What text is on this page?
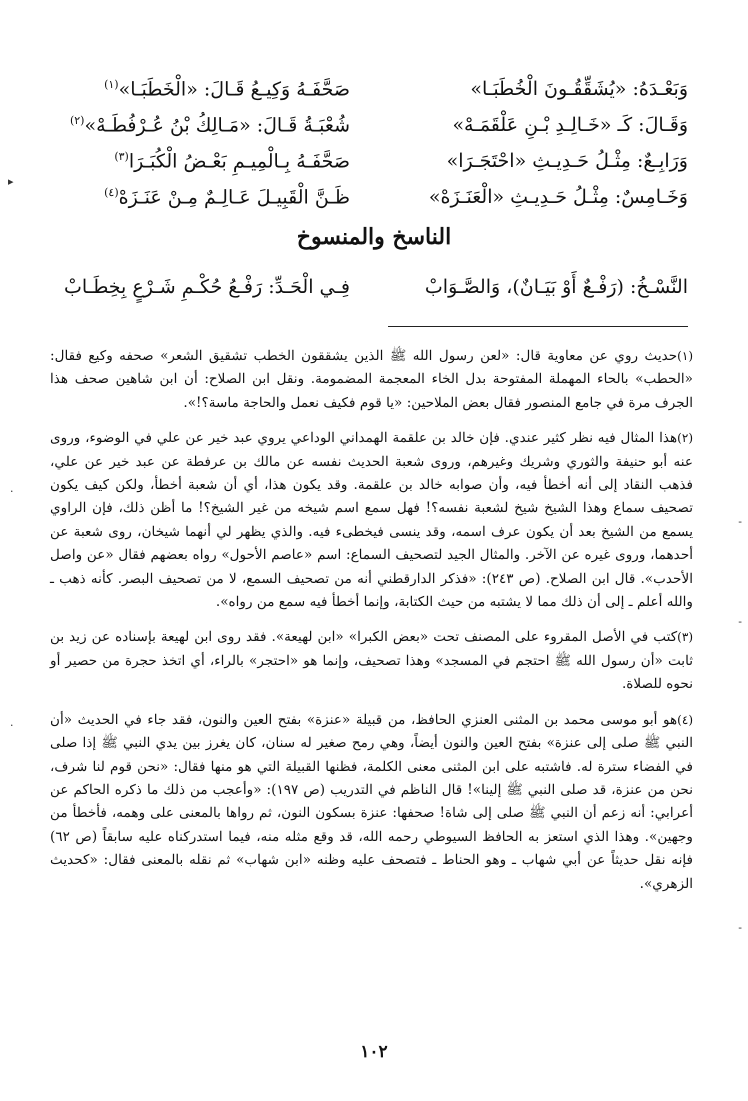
وَبَعْـدَهُ: «يُشَقِّقُـونَ الْخُطَبَـا»
صَحَّفَـهُ وَكِيـعُ قَـالَ: «الْخَطَبَـا»$^{(١)}$
وَقَـالَ: كَـ «خَـالِـدِ بْـنِ عَلْقَمَـهْ»
شُعْبَـةُ قَـالَ: «مَـالِكُ بْنُ عُـرْفُطَـهْ»$^{(٢)}$
وَرَابِـعٌ: مِثْـلُ حَـدِيـثِ «احْتَجَـرَا»
صَحَّفَـهُ بِـالْمِيـمِ بَعْـضُ الْكُبَـرَا$^{(٣)}$
وَخَـامِسٌ: مِثْـلُ حَـدِيـثِ «الْعَنَـزَهْ»
ظَـنَّ الْقَبِيـلَ عَـالِـمٌ مِـنْ عَنَـزَهْ$^{(٤)}$
الناسخ والمنسوخ
النَّسْـخُ: (رَفْـعٌ أَوْ بَيَـانٌ)، وَالصَّـوَابْ
فِـي الْحَـدِّ: رَفْـعُ حُكْـمِ شَـرْعٍ بِخِطَـابْ

(١)حديث روي عن معاوية قال: «لعن رسول الله ﷺ الذين يشققون الخطب تشقيق الشعر» صحفه وكيع فقال: «الحطب» بالحاء المهملة المفتوحة بدل الخاء المعجمة المضمومة. ونقل ابن الصلاح: أن ابن شاهين صحف هذا الجرف مرة في جامع المنصور فقال بعض الملاحين: «يا قوم فكيف نعمل والحاجة ماسة؟!».

(٢)هذا المثال فيه نظر كثير عندي. فإن خالد بن علقمة الهمداني الوداعي يروي عبد خير عن علي في الوضوء، وروى عنه أبو حنيفة والثوري وشريك وغيرهم، وروى شعبة الحديث نفسه عن مالك بن عرفطة عن عبد خير عن علي، فذهب النقاد إلى أنه أخطأ فيه، وأن صوابه خالد بن علقمة. وقد يكون هذا، أي أن شعبة أخطأ، ولكن كيف يكون تصحيف سماع وهذا الشيخ شيخ لشعبة نفسه؟! فهل سمع اسم شيخه من غير الشيخ؟! ما أظن ذلك، فإن الراوي يسمع من الشيخ بعد أن يكون عرف اسمه، وقد ينسى فيخطىء فيه. والذي يظهر لي أنهما شيخان، روى شعبة عن أحدهما، وروى غيره عن الآخر. والمثال الجيد لتصحيف السماع: اسم «عاصم الأحول» رواه بعضهم فقال «عن واصل الأحدب». قال ابن الصلاح. (ص ٢٤٣): «فذكر الدارقطني أنه من تصحيف السمع، لا من تصحيف البصر. كأنه ذهب ـ والله أعلم ـ إلى أن ذلك مما لا يشتبه من حيث الكتابة، وإنما أخطأ فيه سمع من رواه».

(٣)كتب في الأصل المقروء على المصنف تحت «بعض الكبرا» «ابن لهيعة». فقد روى ابن لهيعة بإسناده عن زيد بن ثابت «أن رسول الله ﷺ احتجم في المسجد» وهذا تصحيف، وإنما هو «احتجر» بالراء، أي اتخذ حجرة من حصير أو نحوه للصلاة.

(٤)هو أبو موسى محمد بن المثنى العنزي الحافظ، من قبيلة «عنزة» بفتح العين والنون، فقد جاء في الحديث «أن النبي ﷺ صلى إلى عنزة» بفتح العين والنون أيضاً، وهي رمح صغير له سنان، كان يغرز بين يدي النبي ﷺ إذا صلى في الفضاء سترة له. فاشتبه على ابن المثنى معنى الكلمة، فظنها القبيلة التي هو منها فقال: «نحن قوم لنا شرف، نحن من عنزة، قد صلى النبي ﷺ إلينا»! قال الناظم في التدريب (ص ١٩٧): «وأعجب من ذلك ما ذكره الحاكم عن أعرابي: أنه زعم أن النبي ﷺ صلى إلى شاة! صحفها: عنزة بسكون النون، ثم رواها بالمعنى على وهمه، فأخطأ من وجهين». وهذا الذي استعز به الحافظ السيوطي رحمه الله، قد وقع مثله منه، فيما استدركناه عليه سابقاً (ص ٦٢) فإنه نقل حديثاً عن أبي شهاب ـ وهو الحناط ـ فتصحف عليه وظنه «ابن شهاب» ثم نقله بالمعنى فقال: «كحديث الزهري».

١٠٢
▸
·
-
-
·
-
